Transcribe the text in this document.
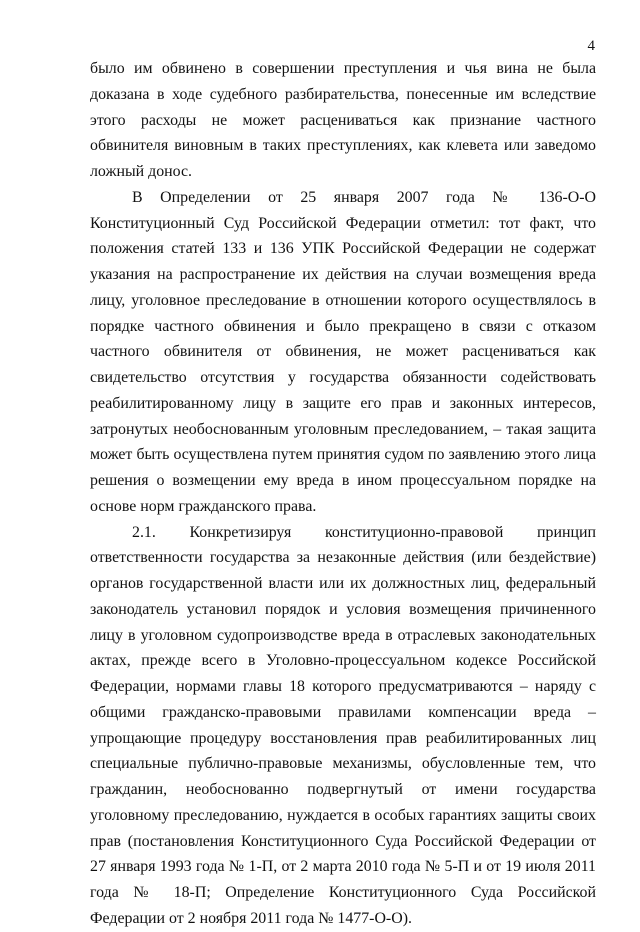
4

было им обвинено в совершении преступления и чья вина не была доказана в ходе судебного разбирательства, понесенные им вследствие этого расходы не может расцениваться как признание частного обвинителя виновным в таких преступлениях, как клевета или заведомо ложный донос.

В Определении от 25 января 2007 года № 136-О-О Конституционный Суд Российской Федерации отметил: тот факт, что положения статей 133 и 136 УПК Российской Федерации не содержат указания на распространение их действия на случаи возмещения вреда лицу, уголовное преследование в отношении которого осуществлялось в порядке частного обвинения и было прекращено в связи с отказом частного обвинителя от обвинения, не может расцениваться как свидетельство отсутствия у государства обязанности содействовать реабилитированному лицу в защите его прав и законных интересов, затронутых необоснованным уголовным преследованием, – такая защита может быть осуществлена путем принятия судом по заявлению этого лица решения о возмещении ему вреда в ином процессуальном порядке на основе норм гражданского права.

2.1. Конкретизируя конституционно-правовой принцип ответственности государства за незаконные действия (или бездействие) органов государственной власти или их должностных лиц, федеральный законодатель установил порядок и условия возмещения причиненного лицу в уголовном судопроизводстве вреда в отраслевых законодательных актах, прежде всего в Уголовно-процессуальном кодексе Российской Федерации, нормами главы 18 которого предусматриваются – наряду с общими гражданско-правовыми правилами компенсации вреда – упрощающие процедуру восстановления прав реабилитированных лиц специальные публично-правовые механизмы, обусловленные тем, что гражданин, необоснованно подвергнутый от имени государства уголовному преследованию, нуждается в особых гарантиях защиты своих прав (постановления Конституционного Суда Российской Федерации от 27 января 1993 года № 1-П, от 2 марта 2010 года № 5-П и от 19 июля 2011 года № 18-П; Определение Конституционного Суда Российской Федерации от 2 ноября 2011 года № 1477-О-О).
